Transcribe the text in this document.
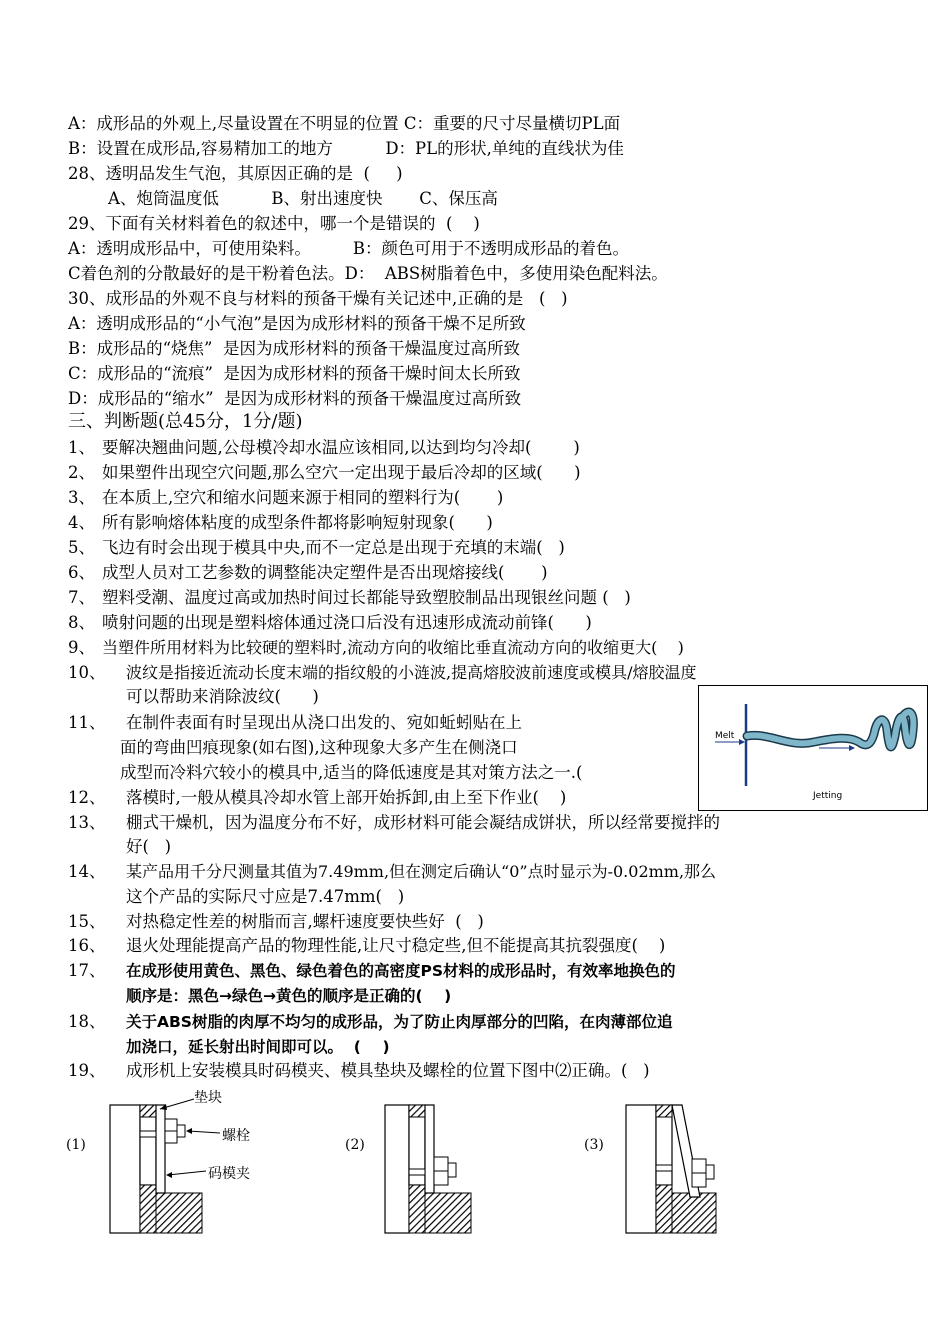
A：成形品的外观上,尽量设置在不明显的位置 C：重要的尺寸尽量横切PL面
B：设置在成形品,容易精加工的地方          D：PL的形状,单纯的直线状为佳
28、透明品发生气泡，其原因正确的是  (     )
A、炮筒温度低          B、射出速度快       C、保压高
29、下面有关材料着色的叙述中，哪一个是错误的  (    )
A：透明成形品中，可使用染料。        B：颜色可用于不透明成形品的着色。
C着色剂的分散最好的是干粉着色法。D：  ABS树脂着色中，多使用染色配料法。
30、成形品的外观不良与材料的预备干燥有关记述中,正确的是   (   )
A：透明成形品的“小气泡”是因为成形材料的预备干燥不足所致
B：成形品的“烧焦”  是因为成形材料的预备干燥温度过高所致
C：成形品的“流痕”  是因为成形材料的预备干燥时间太长所致
D：成形品的“缩水”  是因为成形材料的预备干燥温度过高所致
三、判断题(总45分，1分/题)
1、 要解决翘曲问题,公母模冷却水温应该相同,以达到均匀冷却(        )
2、 如果塑件出现空穴问题,那么空穴一定出现于最后冷却的区域(      )
3、 在本质上,空穴和缩水问题来源于相同的塑料行为(       )
4、 所有影响熔体粘度的成型条件都将影响短射现象(      )
5、 飞边有时会出现于模具中央,而不一定总是出现于充填的末端(   )
6、 成型人员对工艺参数的调整能决定塑件是否出现熔接线(       )
7、 塑料受潮、温度过高或加热时间过长都能导致塑胶制品出现银丝问题 (   )
8、 喷射问题的出现是塑料熔体通过浇口后没有迅速形成流动前锋(      )
9、 当塑件所用材料为比较硬的塑料时,流动方向的收缩比垂直流动方向的收缩更大(    )
10、 波纹是指接近流动长度末端的指纹般的小涟波,提高熔胶波前速度或模具/熔胶温度
可以帮助来消除波纹(      )
11、 在制件表面有时呈现出从浇口出发的、宛如蚯蚓贴在上
面的弯曲凹痕现象(如右图),这种现象大多产生在侧浇口
成型而冷料穴较小的模具中,适当的降低速度是其对策方法之一.(
Melt
Jetting
12、 落模时,一般从模具冷却水管上部开始拆卸,由上至下作业(    )
13、 棚式干燥机，因为温度分布不好，成形材料可能会凝结成饼状，所以经常要搅拌的
好(   )
14、 某产品用千分尺测量其值为7.49mm,但在测定后确认“0”点时显示为-0.02mm,那么
这个产品的实际尺寸应是7.47mm(   )
15、 对热稳定性差的树脂而言,螺杆速度要快些好  (   )
16、 退火处理能提高产品的物理性能,让尺寸稳定些,但不能提高其抗裂强度(    )
17、 在成形使用黄色、黑色、绿色着色的高密度PS材料的成形品时，有效率地换色的
顺序是：黑色→绿色→黄色的顺序是正确的(    )
18、 关于ABS树脂的肉厚不均匀的成形品，为了防止肉厚部分的凹陷，在肉薄部位追
加浇口，延长射出时间即可以。  (    )
19、 成形机上安装模具时码模夹、模具垫块及螺栓的位置下图中⑵正确。(   )
(1)	(2)	(3)
垫块
螺栓
码模夹
